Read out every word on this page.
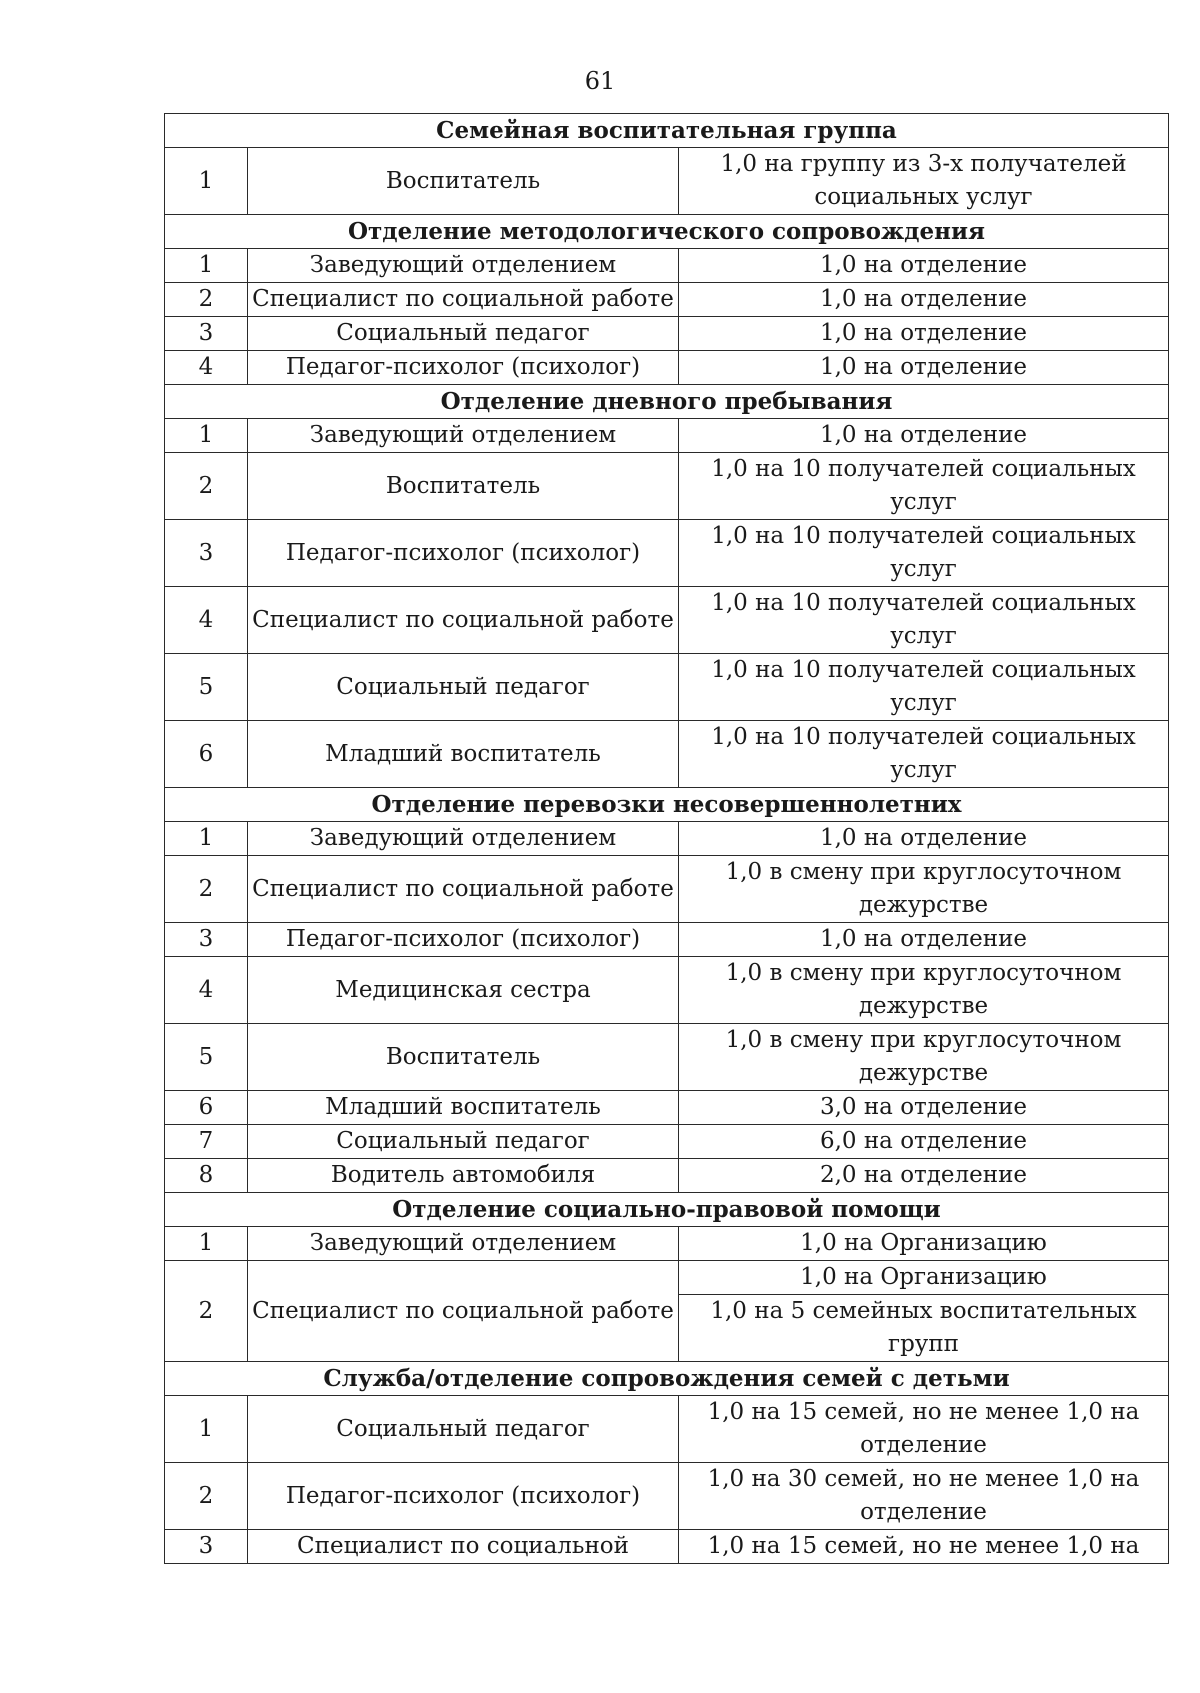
61
Семейная воспитательная группа		
1	Воспитатель	1,0 на группу из 3-х получателей социальных услуг
Отделение методологического сопровождения		
1	Заведующий отделением	1,0 на отделение
2	Специалист по социальной работе	1,0 на отделение
3	Социальный педагог	1,0 на отделение
4	Педагог-психолог (психолог)	1,0 на отделение
Отделение дневного пребывания		
1	Заведующий отделением	1,0 на отделение
2	Воспитатель	1,0 на 10 получателей социальных услуг
3	Педагог-психолог (психолог)	1,0 на 10 получателей социальных услуг
4	Специалист по социальной работе	1,0 на 10 получателей социальных услуг
5	Социальный педагог	1,0 на 10 получателей социальных услуг
6	Младший воспитатель	1,0 на 10 получателей социальных услуг
Отделение перевозки несовершеннолетних		
1	Заведующий отделением	1,0 на отделение
2	Специалист по социальной работе	1,0 в смену при круглосуточном дежурстве
3	Педагог-психолог (психолог)	1,0 на отделение
4	Медицинская сестра	1,0 в смену при круглосуточном дежурстве
5	Воспитатель	1,0 в смену при круглосуточном дежурстве
6	Младший воспитатель	3,0 на отделение
7	Социальный педагог	6,0 на отделение
8	Водитель автомобиля	2,0 на отделение
Отделение социально-правовой помощи		
1	Заведующий отделением	1,0 на Организацию
2	Специалист по социальной работе	1,0 на Организацию
		1,0 на 5 семейных воспитательных групп
Служба/отделение сопровождения семей с детьми		
1	Социальный педагог	1,0 на 15 семей, но не менее 1,0 на отделение
2	Педагог-психолог (психолог)	1,0 на 30 семей, но не менее 1,0 на отделение
3	Специалист по социальной	1,0 на 15 семей, но не менее 1,0 на
